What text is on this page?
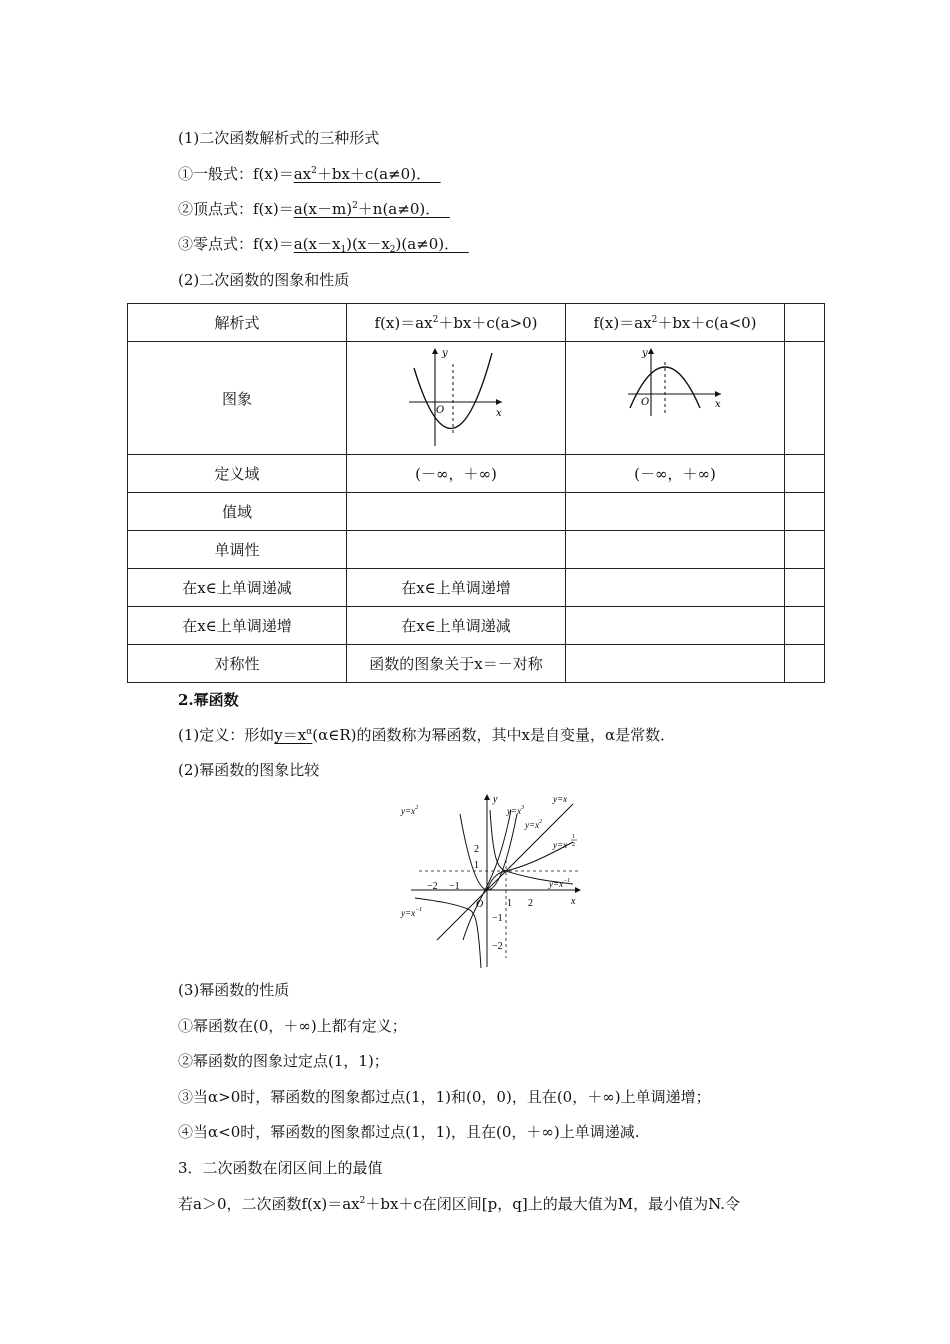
(1)二次函数解析式的三种形式
①一般式：$f(x)=ax^2+bx+c(a\ne 0)$．
②顶点式：$f(x)=a(x-m)^2+n(a\ne 0)$．
③零点式：$f(x)=a(x-x_1)(x-x_2)(a\ne 0)$．
(2)二次函数的图象和性质
解析式	$f(x)=ax^2+bx+c(a>0)$	$f(x)=ax^2+bx+c(a<0)$	
图象	y
x
O	y
x
O	

定义域	(－∞，＋∞)	(－∞，＋∞)	
值域			
单调性			
在x∈上单调递减	在x∈上单调递增		
在x∈上单调递增	在x∈上单调递减		
对称性	函数的图象关于x＝－对称		
2.幂函数
(1)定义：形如$y=x^\alpha(\alpha\in R)$的函数称为幂函数，其中x是自变量，α是常数．
(2)幂函数的图象比较
y
x
O
$y=x^2$	$y=x^3$
y=x
$y=x^2$
y=x
1
2
$y=x^{-1}$
$y=x^{-1}$
2
1
−1
−2
−2 −1
1 2
(3)幂函数的性质
①幂函数在(0，＋∞)上都有定义；
②幂函数的图象过定点(1，1)；
③当α>0时，幂函数的图象都过点(1，1)和(0，0)，且在(0，＋∞)上单调递增；
④当α<0时，幂函数的图象都过点(1，1)，且在(0，＋∞)上单调递减.
3．二次函数在闭区间上的最值
若a＞0，二次函数$f(x)=ax^2+bx+c$在闭区间[p，q]上的最大值为M，最小值为N.令
